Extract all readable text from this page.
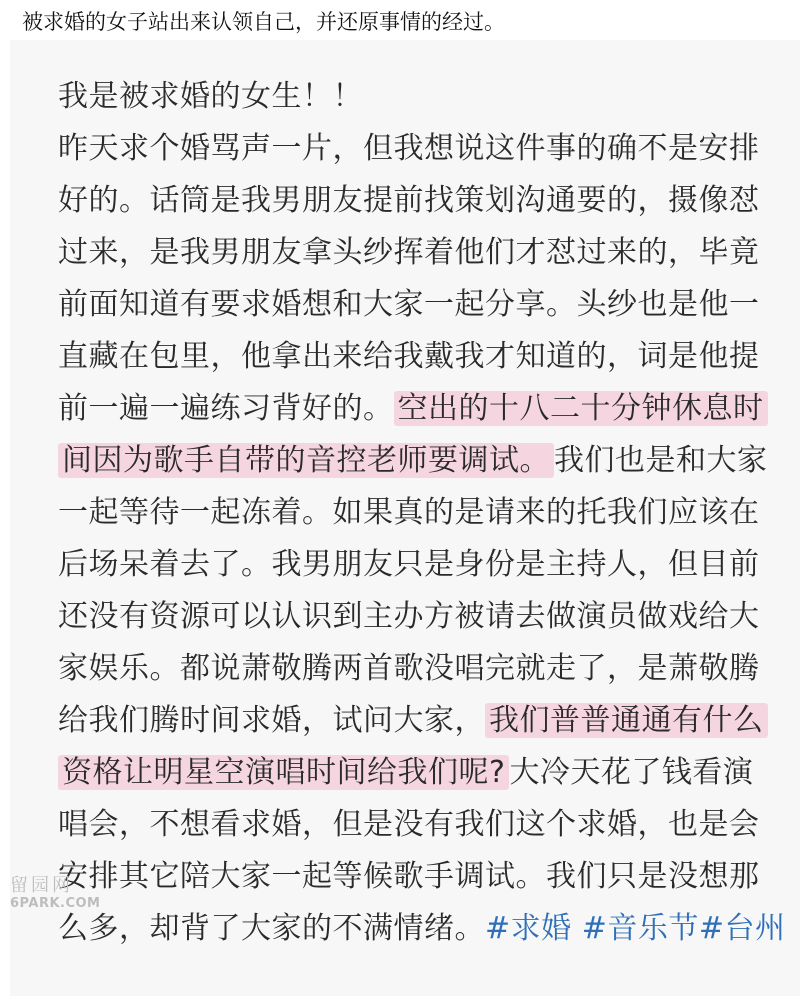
被求婚的女子站出来认领自己，并还原事情的经过。
我是被求婚的女生！！
昨天求个婚骂声一片，但我想说这件事的确不是安排
好的。话筒是我男朋友提前找策划沟通要的，摄像怼
过来，是我男朋友拿头纱挥着他们才怼过来的，毕竟
前面知道有要求婚想和大家一起分享。头纱也是他一
直藏在包里，他拿出来给我戴我才知道的，词是他提
前一遍一遍练习背好的。 空出的十八二十分钟休息时
间因为歌手自带的音控老师要调试。 我们也是和大家
一起等待一起冻着。如果真的是请来的托我们应该在
后场呆着去了。我男朋友只是身份是主持人，但目前
还没有资源可以认识到主办方被请去做演员做戏给大
家娱乐。都说萧敬腾两首歌没唱完就走了，是萧敬腾
给我们腾时间求婚，试问大家， 我们普普通通有什么
资格让明星空演唱时间给我们呢? 大冷天花了钱看演
唱会，不想看求婚，但是没有我们这个求婚，也是会
安排其它陪大家一起等候歌手调试。我们只是没想那
么多，却背了大家的不满情绪。#求婚 #音乐节#台州
留园网
6PARK.COM
